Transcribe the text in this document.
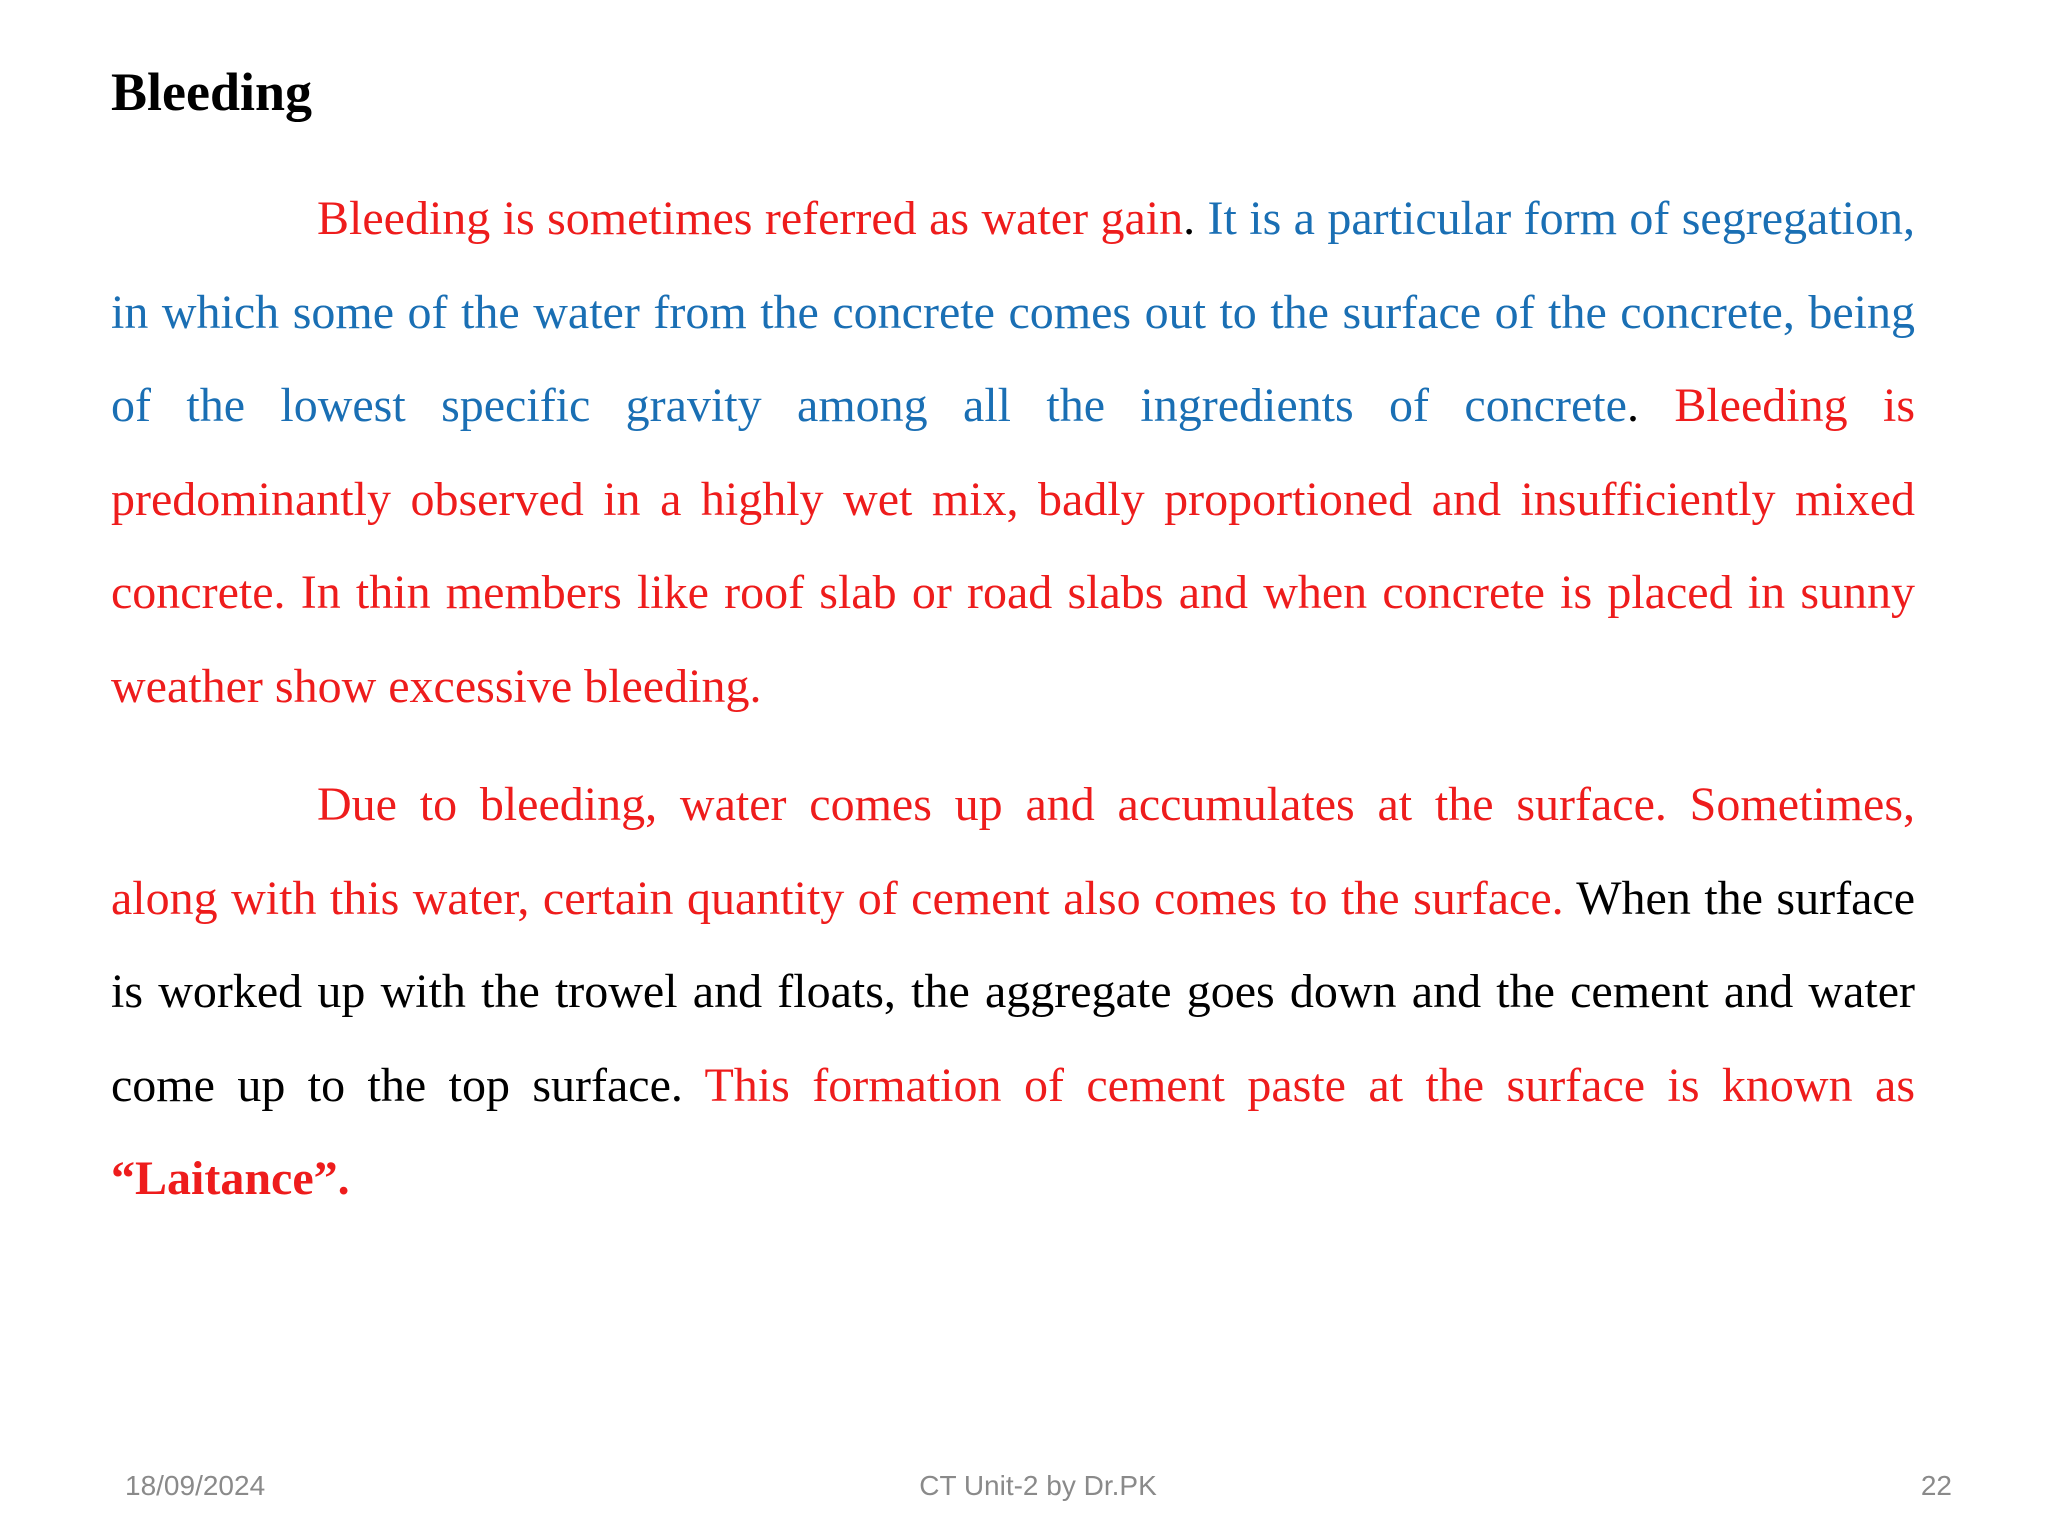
Bleeding

Bleeding is sometimes referred as water gain. It is a particular form of segregation, in which some of the water from the concrete comes out to the surface of the concrete, being of the lowest specific gravity among all the ingredients of concrete. Bleeding is predominantly observed in a highly wet mix, badly proportioned and insufficiently mixed concrete. In thin members like roof slab or road slabs and when concrete is placed in sunny weather show excessive bleeding.

Due to bleeding, water comes up and accumulates at the surface. Sometimes, along with this water, certain quantity of cement also comes to the surface. When the surface is worked up with the trowel and floats, the aggregate goes down and the cement and water come up to the top surface. This formation of cement paste at the surface is known as “Laitance”.

18/09/2024	CT Unit-2 by Dr.PK	22
